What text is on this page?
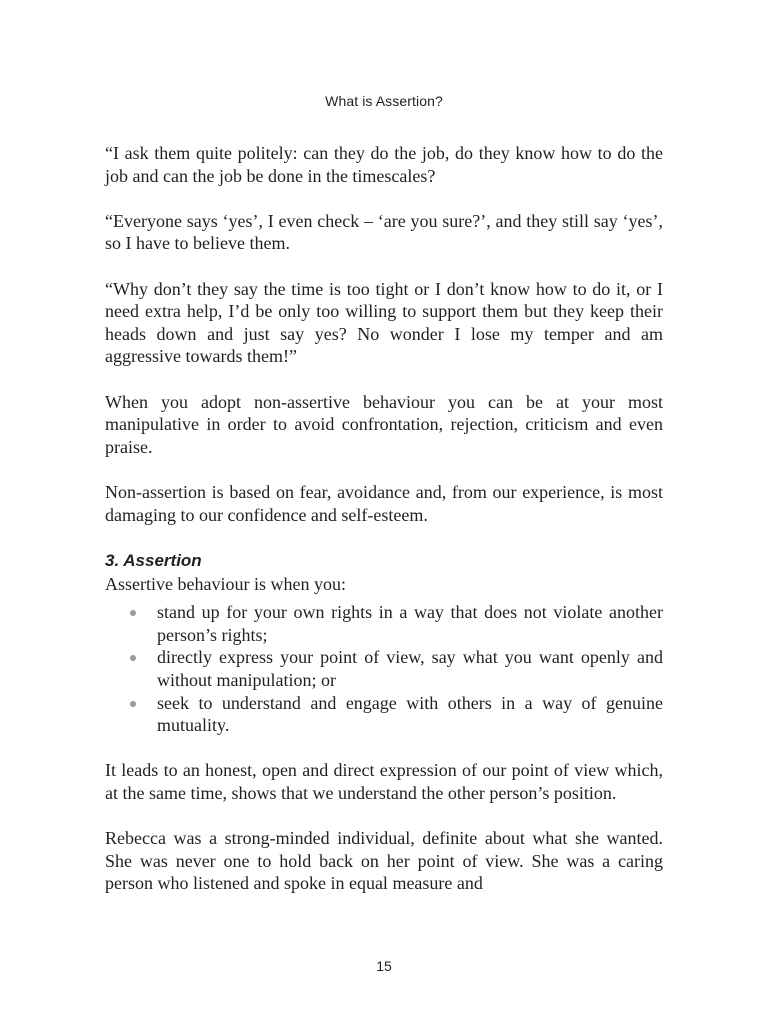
What is Assertion?

“I ask them quite politely: can they do the job, do they know how to do the job and can the job be done in the timescales?

“Everyone says ‘yes’, I even check – ‘are you sure?’, and they still say ‘yes’, so I have to believe them.

“Why don’t they say the time is too tight or I don’t know how to do it, or I need extra help, I’d be only too willing to support them but they keep their heads down and just say yes? No wonder I lose my temper and am aggressive towards them!”

When you adopt non-assertive behaviour you can be at your most manipulative in order to avoid confrontation, rejection, criticism and even praise.

Non-assertion is based on fear, avoidance and, from our experience, is most damaging to our confidence and self-esteem.

3. Assertion

Assertive behaviour is when you:

stand up for your own rights in a way that does not violate another person’s rights;
directly express your point of view, say what you want openly and without manipulation; or
seek to understand and engage with others in a way of genuine mutuality.

It leads to an honest, open and direct expression of our point of view which, at the same time, shows that we understand the other person’s position.

Rebecca was a strong-minded individual, definite about what she wanted. She was never one to hold back on her point of view. She was a caring person who listened and spoke in equal measure and

15
